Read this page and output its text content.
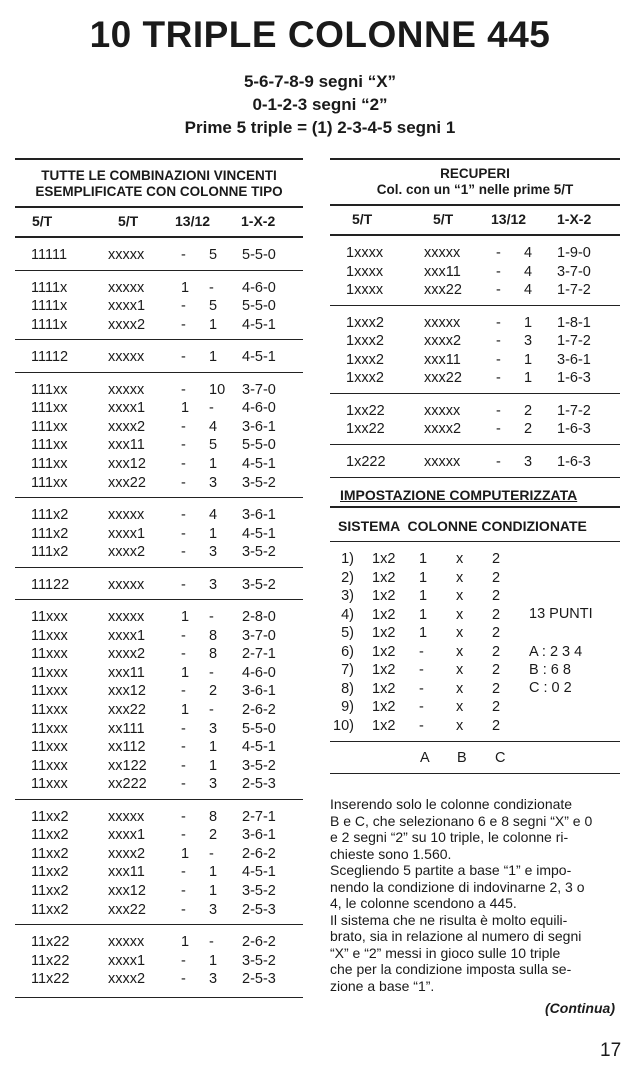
10 TRIPLE COLONNE 445
5-6-7-8-9 segni “X”
0-1-2-3 segni “2”
Prime 5 triple = (1) 2-3-4-5 segni 1
TUTTE LE COMBINAZIONI VINCENTI
ESEMPLIFICATE CON COLONNE TIPO
5/T	5/T	13/12 1-X-2
11111	xxxxx	- 5 5-5-0
1111x	xxxxx	1 - 4-6-0
1111x	xxxx1 - 5 5-5-0
1111x	xxxx2 - 1 4-5-1
11112	xxxxx	- 1 4-5-1
111xx	xxxxx	- 10 3-7-0
111xx	xxxx1 1 - 4-6-0
111xx	xxxx2 - 4 3-6-1
111xx	xxx11 - 5 5-5-0
111xx	xxx12 - 1 4-5-1
111xx	xxx22 - 3 3-5-2
111x2	xxxxx	- 4 3-6-1
111x2	xxxx1 - 1 4-5-1
111x2	xxxx2 - 3 3-5-2
11122	xxxxx	- 3 3-5-2
11xxx	xxxxx	1 - 2-8-0
11xxx	xxxx1 - 8 3-7-0
11xxx	xxxx2 - 8 2-7-1
11xxx	xxx11 1 - 4-6-0
11xxx	xxx12 - 2 3-6-1
11xxx	xxx22 1 - 2-6-2
11xxx	xx111	- 3 5-5-0
11xxx	xx112 - 1 4-5-1
11xxx	xx122 - 1 3-5-2
11xxx	xx222 - 3 2-5-3
11xx2	xxxxx	- 8 2-7-1
11xx2	xxxx1 - 2 3-6-1
11xx2	xxxx2 1 - 2-6-2
11xx2	xxx11 - 1 4-5-1
11xx2	xxx12 - 1 3-5-2
11xx2	xxx22 - 3 2-5-3
11x22	xxxxx	1 - 2-6-2
11x22	xxxx1 - 1 3-5-2
11x22	xxxx2 - 3 2-5-3
RECUPERI
Col. con un “1” nelle prime 5/T
5/T	5/T	13/12 1-X-2
1xxxx	xxxxx - 4 1-9-0
1xxxx	xxx11 - 4 3-7-0
1xxxx	xxx22 - 4 1-7-2
1xxx2	xxxxx - 1 1-8-1
1xxx2	xxxx2 - 3 1-7-2
1xxx2	xxx11 - 1 3-6-1
1xxx2	xxx22 - 1 1-6-3
1xx22	xxxxx - 2 1-7-2
1xx22	xxxx2 - 2 1-6-3
1x222	xxxxx - 3 1-6-3
IMPOSTAZIONE COMPUTERIZZATA
SISTEMA  COLONNE CONDIZIONATE
1) 1x2 1 x 2
2) 1x2 1 x 2
3) 1x2 1 x 2
4) 1x2 1 x 2
5) 1x2 1 x 2
6) 1x2 - x 2
7) 1x2 - x 2
8) 1x2 - x 2
9) 1x2 - x 2
10) 1x2 - x 2
13 PUNTI
A : 2 3 4
B : 6 8
C : 0 2
A B C
Inserendo solo le colonne condizionate
B e C, che selezionano 6 e 8 segni “X” e 0
e 2 segni “2” su 10 triple, le colonne ri-
chieste sono 1.560.
Scegliendo 5 partite a base “1” e impo-
nendo la condizione di indovinarne 2, 3 o
4, le colonne scendono a 445.
Il sistema che ne risulta è molto equili-
brato, sia in relazione al numero di segni
“X” e “2” messi in gioco sulle 10 triple
che per la condizione imposta sulla se-
zione a base “1”.
(Continua)
17
